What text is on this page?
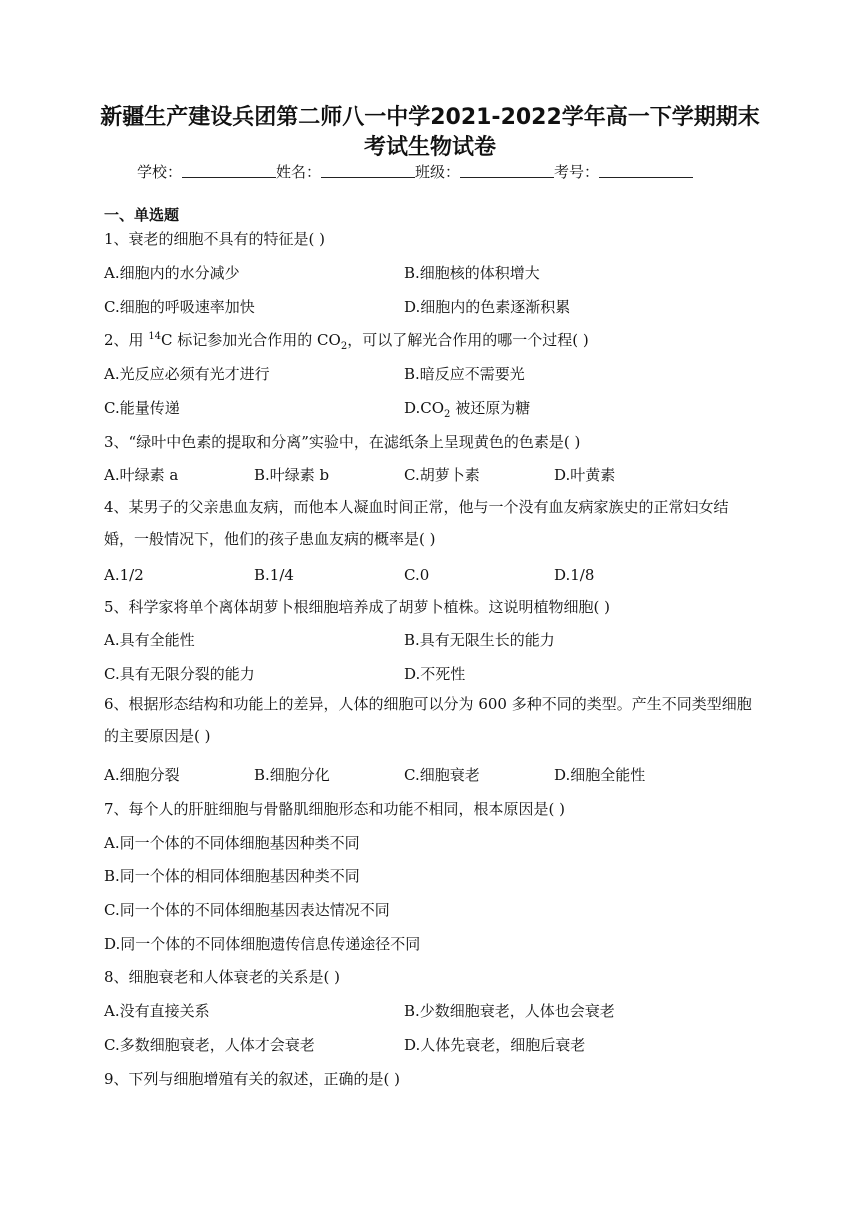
新疆生产建设兵团第二师八一中学2021-2022学年高一下学期期末考试生物试卷
学校：	姓名：	班级：	考号：
一、单选题
1、衰老的细胞不具有的特征是( )
A.细胞内的水分减少	B.细胞核的体积增大
C.细胞的呼吸速率加快	D.细胞内的色素逐渐积累
2、用 $^{14}$C 标记参加光合作用的 $CO_2$，可以了解光合作用的哪一个过程( )
A.光反应必须有光才进行	B.暗反应不需要光
C.能量传递	$D.CO_2$ 被还原为糖
3、“绿叶中色素的提取和分离”实验中，在滤纸条上呈现黄色的色素是( )
A.叶绿素 a	B.叶绿素 b	C.胡萝卜素	D.叶黄素
4、某男子的父亲患血友病，而他本人凝血时间正常，他与一个没有血友病家族史的正常妇女结婚，一般情况下，他们的孩子患血友病的概率是( )
A.1/2	B.1/4	C.0	D.1/8
5、科学家将单个离体胡萝卜根细胞培养成了胡萝卜植株。这说明植物细胞( )
A.具有全能性	B.具有无限生长的能力
C.具有无限分裂的能力	D.不死性
6、根据形态结构和功能上的差异，人体的细胞可以分为 600 多种不同的类型。产生不同类型细胞的主要原因是( )
A.细胞分裂	B.细胞分化	C.细胞衰老	D.细胞全能性
7、每个人的肝脏细胞与骨骼肌细胞形态和功能不相同，根本原因是( )
A.同一个体的不同体细胞基因种类不同
B.同一个体的相同体细胞基因种类不同
C.同一个体的不同体细胞基因表达情况不同
D.同一个体的不同体细胞遗传信息传递途径不同
8、细胞衰老和人体衰老的关系是( )
A.没有直接关系	B.少数细胞衰老，人体也会衰老
C.多数细胞衰老，人体才会衰老	D.人体先衰老，细胞后衰老
9、下列与细胞增殖有关的叙述，正确的是( )
